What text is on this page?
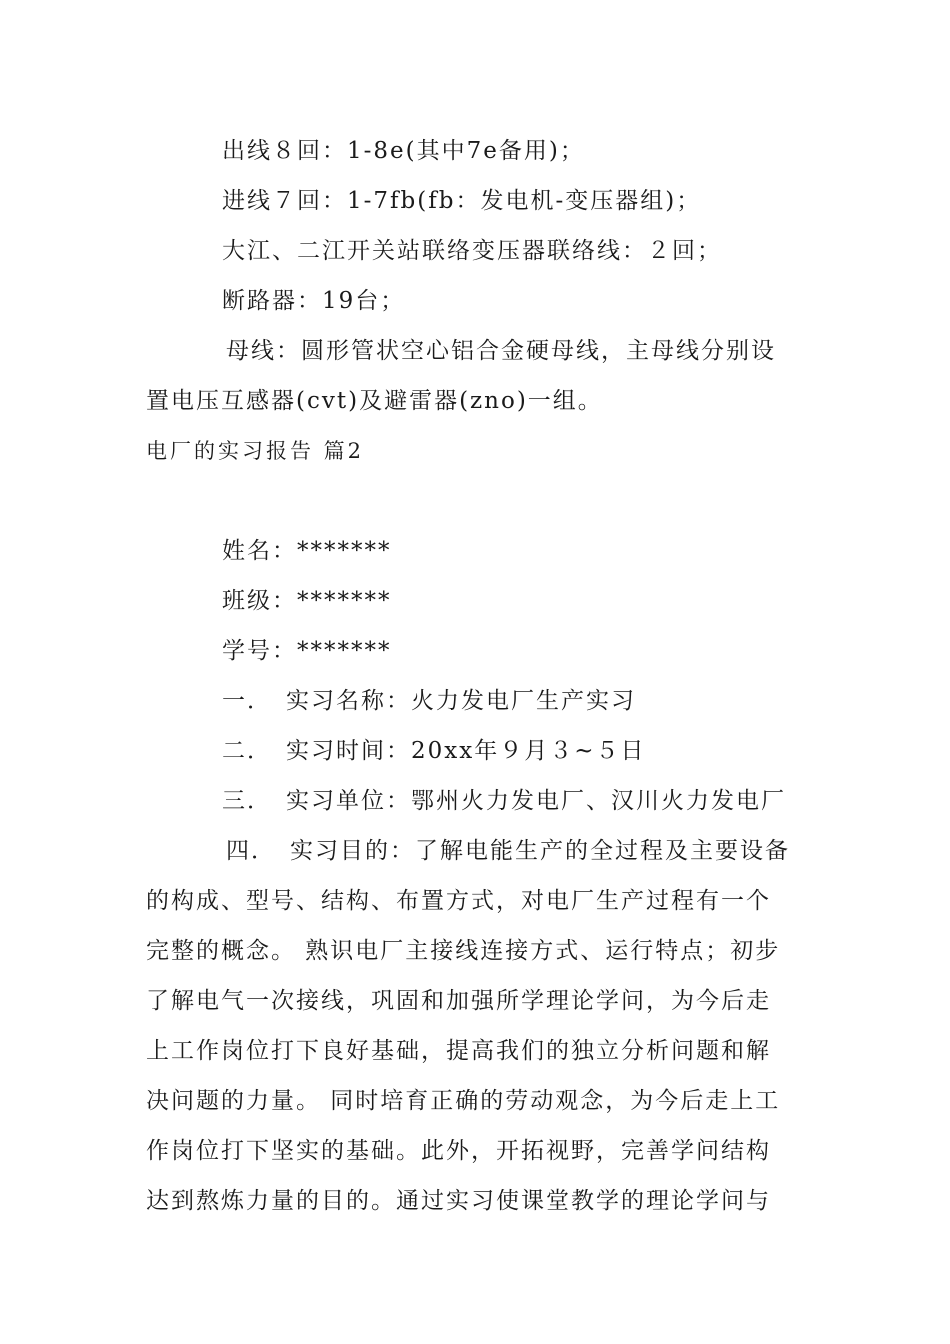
出线８回：1-8e(其中7e备用)；
进线７回：1-7fb(fb：发电机-变压器组)；
大江、二江开关站联络变压器联络线：２回；
断路器：19台；
母线：圆形管状空心铝合金硬母线，主母线分别设
置电压互感器(cvt)及避雷器(zno)一组。
电厂的实习报告 篇2
姓名：*******
班级：*******
学号：*******
一． 实习名称：火力发电厂生产实习
二． 实习时间：20xx年９月３~５日
三． 实习单位：鄂州火力发电厂、汉川火力发电厂
四． 实习目的：了解电能生产的全过程及主要设备
的构成、型号、结构、布置方式，对电厂生产过程有一个
完整的概念。 熟识电厂主接线连接方式、运行特点；初步
了解电气一次接线，巩固和加强所学理论学问，为今后走
上工作岗位打下良好基础，提高我们的独立分析问题和解
决问题的力量。 同时培育正确的劳动观念，为今后走上工
作岗位打下坚实的基础。此外，开拓视野，完善学问结构
达到熬炼力量的目的。通过实习使课堂教学的理论学问与
